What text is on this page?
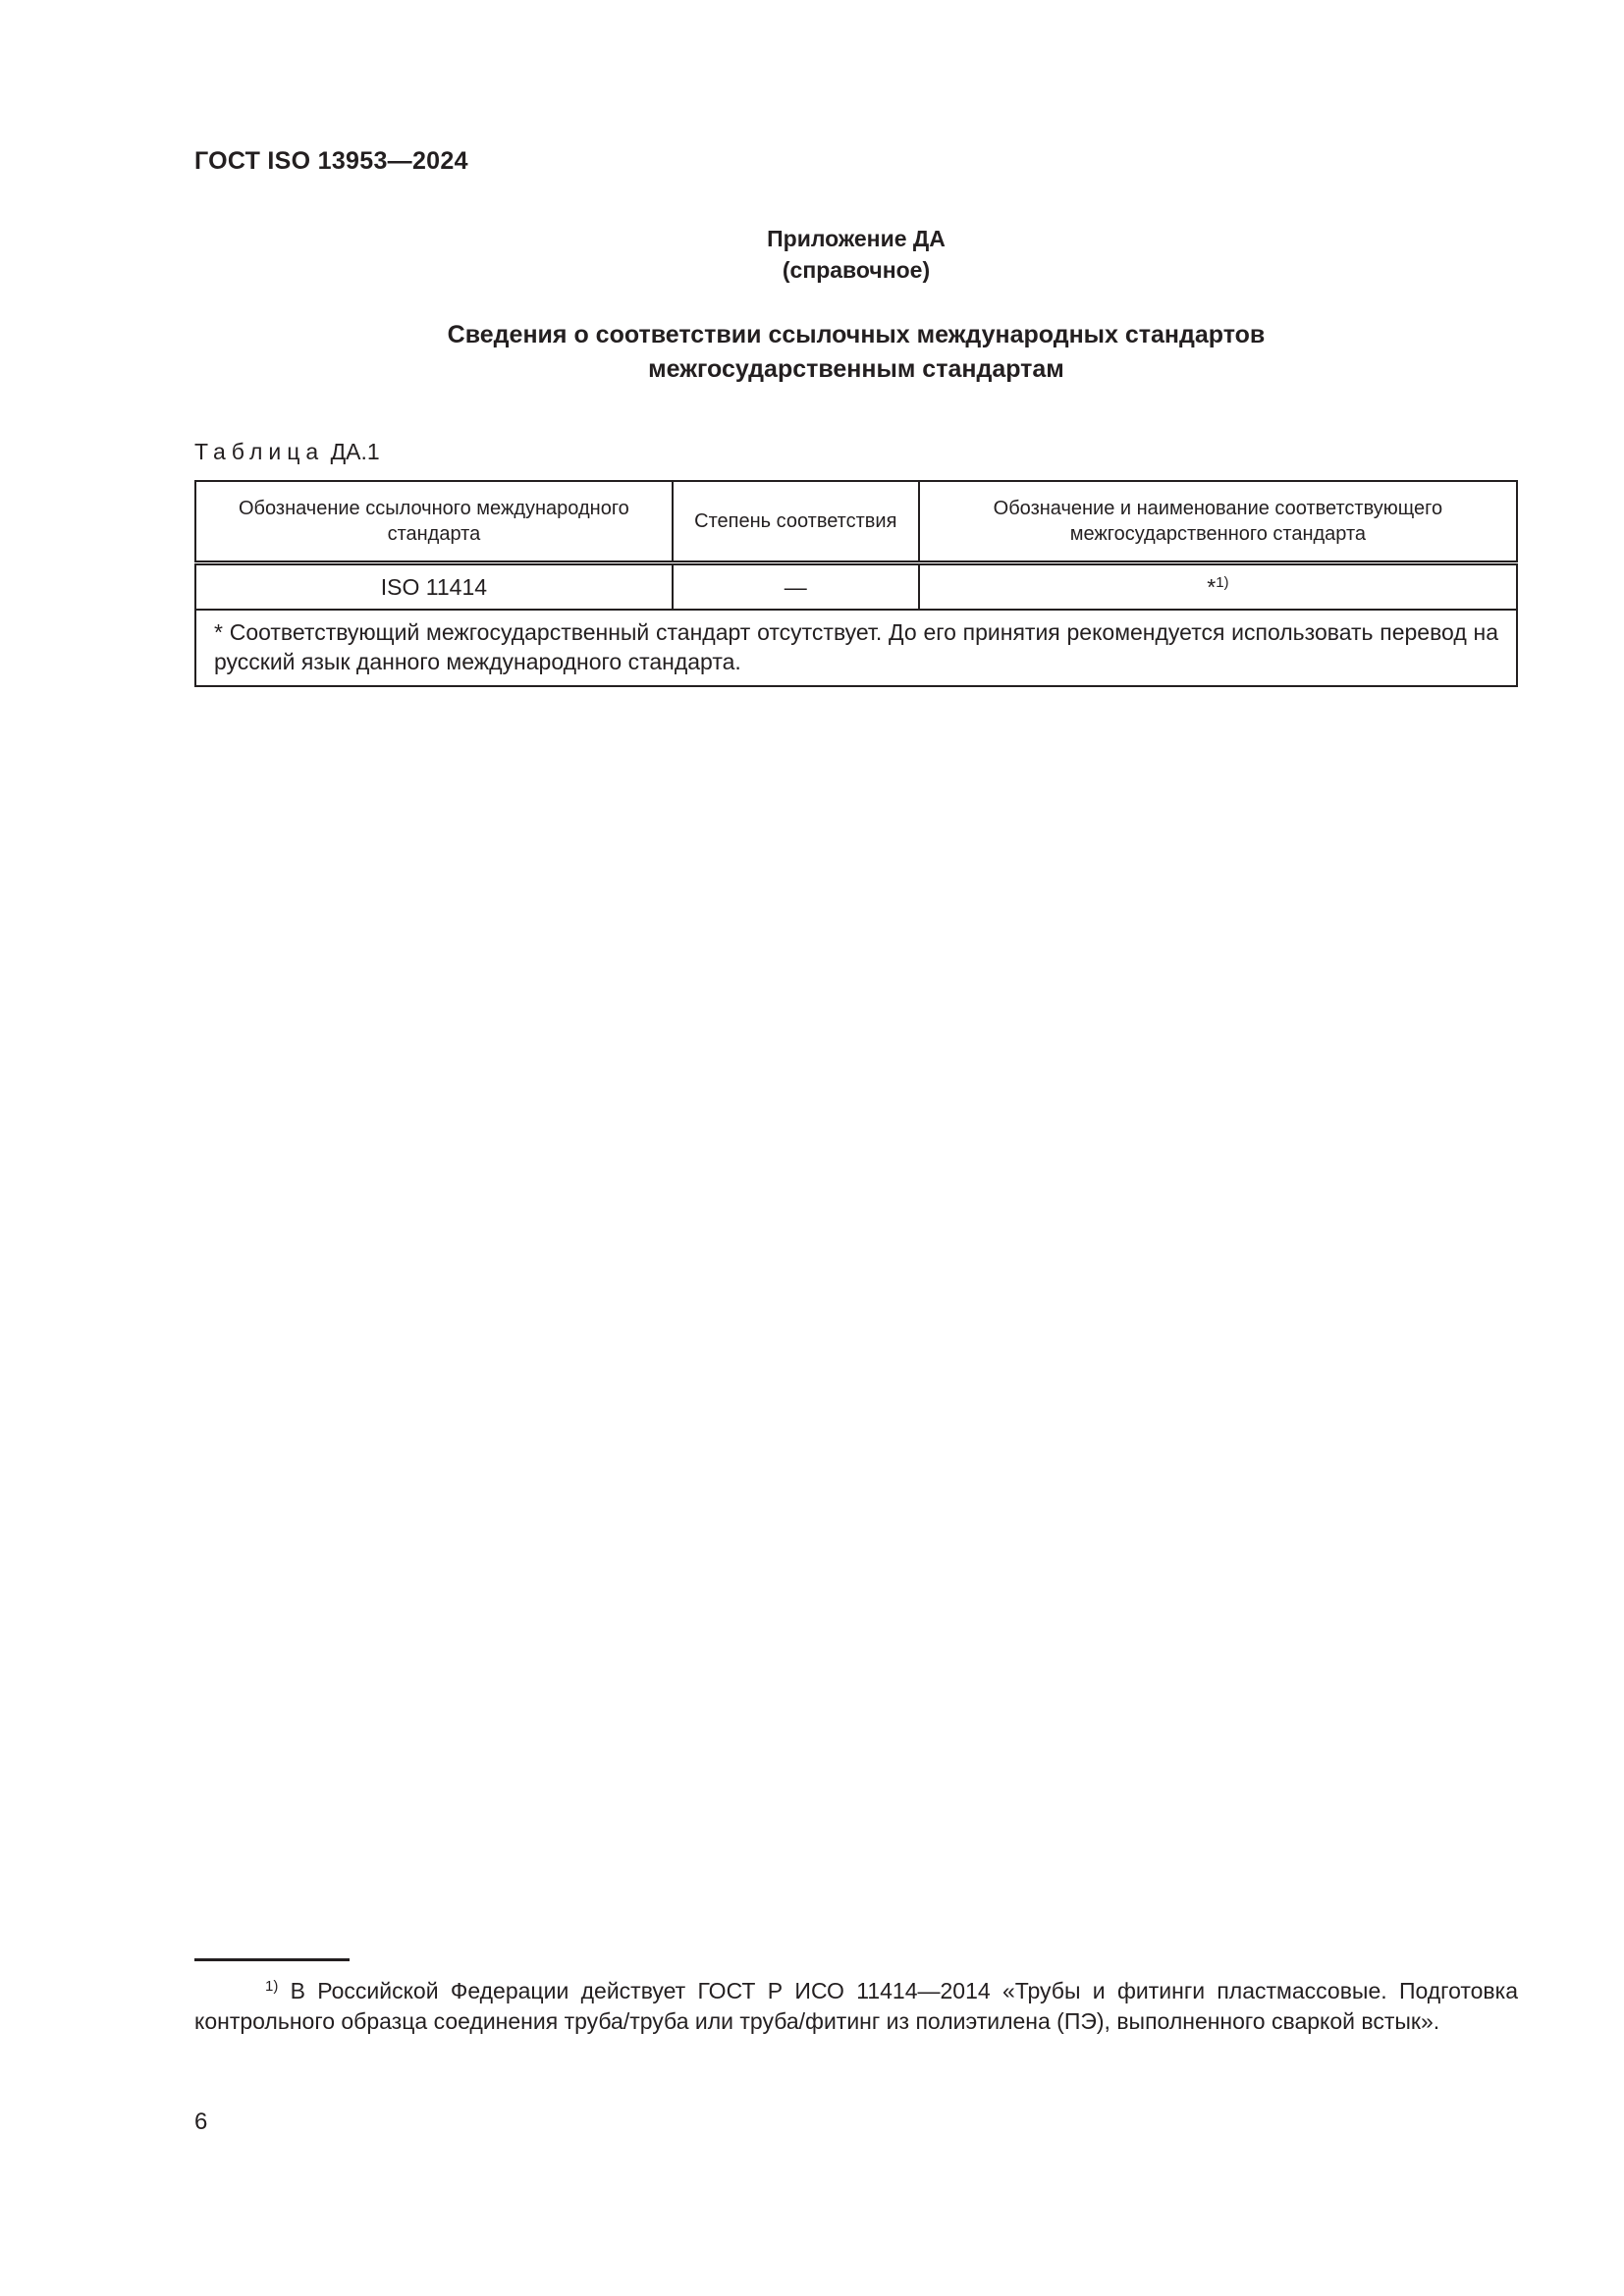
ГОСТ ISO 13953—2024
Приложение ДА
(справочное)
Сведения о соответствии ссылочных международных стандартов
межгосударственным стандартам
Таблица ДА.1
Обозначение ссылочного международного стандарта	Степень соответствия	Обозначение и наименование соответствующего межгосударственного стандарта
ISO 11414	—	*$^{1)}$
* Соответствующий межгосударственный стандарт отсутствует. До его принятия рекомендуется использовать перевод на русский язык данного международного стандарта.		
$^{1)}$ В Российской Федерации действует ГОСТ Р ИСО 11414—2014 «Трубы и фитинги пластмассовые. Подготовка контрольного образца соединения труба/труба или труба/фитинг из полиэтилена (ПЭ), выполненного сваркой встык».
6
